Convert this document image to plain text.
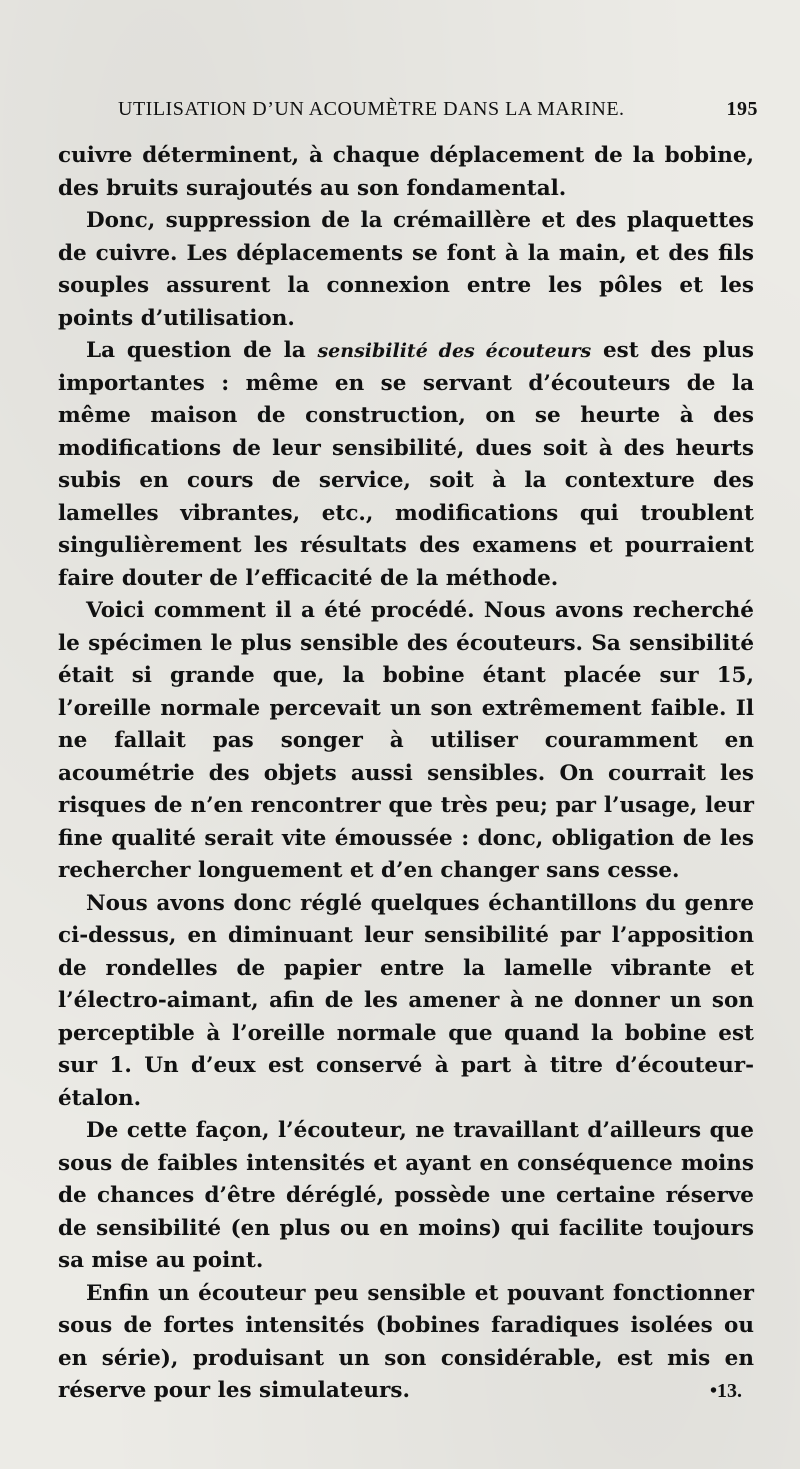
UTILISATION D’UN ACOUMÈTRE DANS LA MARINE.	195

cuivre déterminent, à chaque déplacement de la bobine, des bruits surajoutés au son fondamental.

Donc, suppression de la crémaillère et des plaquettes de cuivre. Les déplacements se font à la main, et des fils souples assurent la connexion entre les pôles et les points d’utilisation.

La question de la sensibilité des écouteurs est des plus importantes : même en se servant d’écouteurs de la même maison de construction, on se heurte à des modifications de leur sensibilité, dues soit à des heurts subis en cours de service, soit à la contexture des lamelles vibrantes, etc., modifications qui troublent singulièrement les résultats des examens et pourraient faire douter de l’efficacité de la méthode.

Voici comment il a été procédé. Nous avons recherché le spécimen le plus sensible des écouteurs. Sa sensibilité était si grande que, la bobine étant placée sur 15, l’oreille normale percevait un son extrêmement faible. Il ne fallait pas songer à utiliser couramment en acoumétrie des objets aussi sensibles. On courrait les risques de n’en rencontrer que très peu; par l’usage, leur fine qualité serait vite émoussée : donc, obligation de les rechercher longuement et d’en changer sans cesse.

Nous avons donc réglé quelques échantillons du genre ci-dessus, en diminuant leur sensibilité par l’apposition de rondelles de papier entre la lamelle vibrante et l’électro-aimant, afin de les amener à ne donner un son perceptible à l’oreille normale que quand la bobine est sur 1. Un d’eux est conservé à part à titre d’écouteur-étalon.

De cette façon, l’écouteur, ne travaillant d’ailleurs que sous de faibles intensités et ayant en conséquence moins de chances d’être déréglé, possède une certaine réserve de sensibilité (en plus ou en moins) qui facilite toujours sa mise au point.

Enfin un écouteur peu sensible et pouvant fonctionner sous de fortes intensités (bobines faradiques isolées ou en série), produisant un son considérable, est mis en réserve pour les simulateurs.	•13.
